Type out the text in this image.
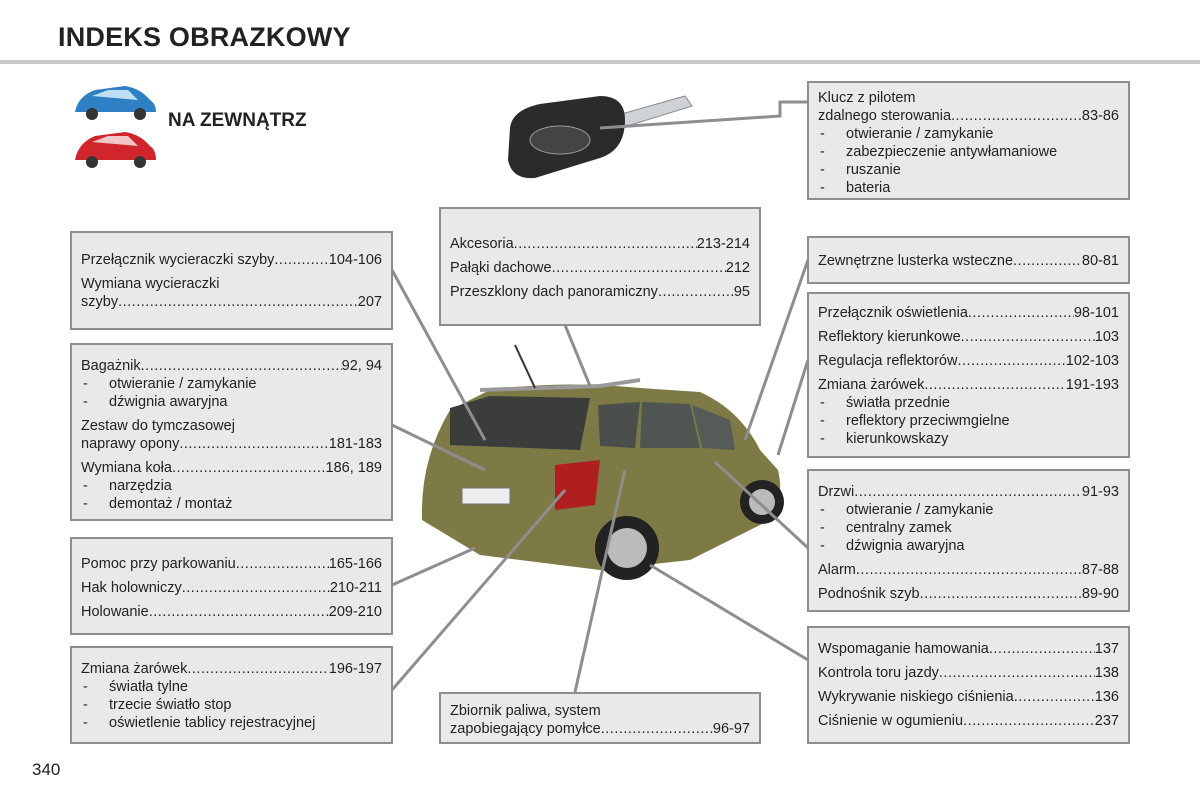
INDEKS OBRAZKOWY
NA ZEWNĄTRZ
Klucz z pilotem
zdalnego sterowania .....	83-86
-	otwieranie / zamykanie
-	zabezpieczenie antywłamaniowe
-	ruszanie
-	bateria
Akcesoria .....	213-214
Pałąki dachowe .....	212
Przeszklony dach panoramiczny .....	95
Przełącznik wycieraczki szyby .....	104-106
Wymiana wycieraczki
szyby .....	207
Bagażnik .....	92, 94
-	otwieranie / zamykanie
-	dźwignia awaryjna
Zestaw do tymczasowej
naprawy opony .....	181-183
Wymiana koła .....	186, 189
-	narzędzia
-	demontaż / montaż
Pomoc przy parkowaniu .....	165-166
Hak holowniczy .....	210-211
Holowanie .....	209-210
Zmiana żarówek .....	196-197
-	światła tylne
-	trzecie światło stop
-	oświetlenie tablicy rejestracyjnej
Zbiornik paliwa, system
zapobiegający pomyłce .....	96-97
Zewnętrzne lusterka wsteczne .....	80-81
Przełącznik oświetlenia .....	98-101
Reflektory kierunkowe .....	103
Regulacja reflektorów .....	102-103
Zmiana żarówek .....	191-193
-	światła przednie
-	reflektory przeciwmgielne
-	kierunkowskazy
Drzwi .....	91-93
-	otwieranie / zamykanie
-	centralny zamek
-	dźwignia awaryjna
Alarm .....	87-88
Podnośnik szyb .....	89-90
Wspomaganie hamowania .....	137
Kontrola toru jazdy .....	138
Wykrywanie niskiego ciśnienia .....	136
Ciśnienie w ogumieniu .....	237
340
